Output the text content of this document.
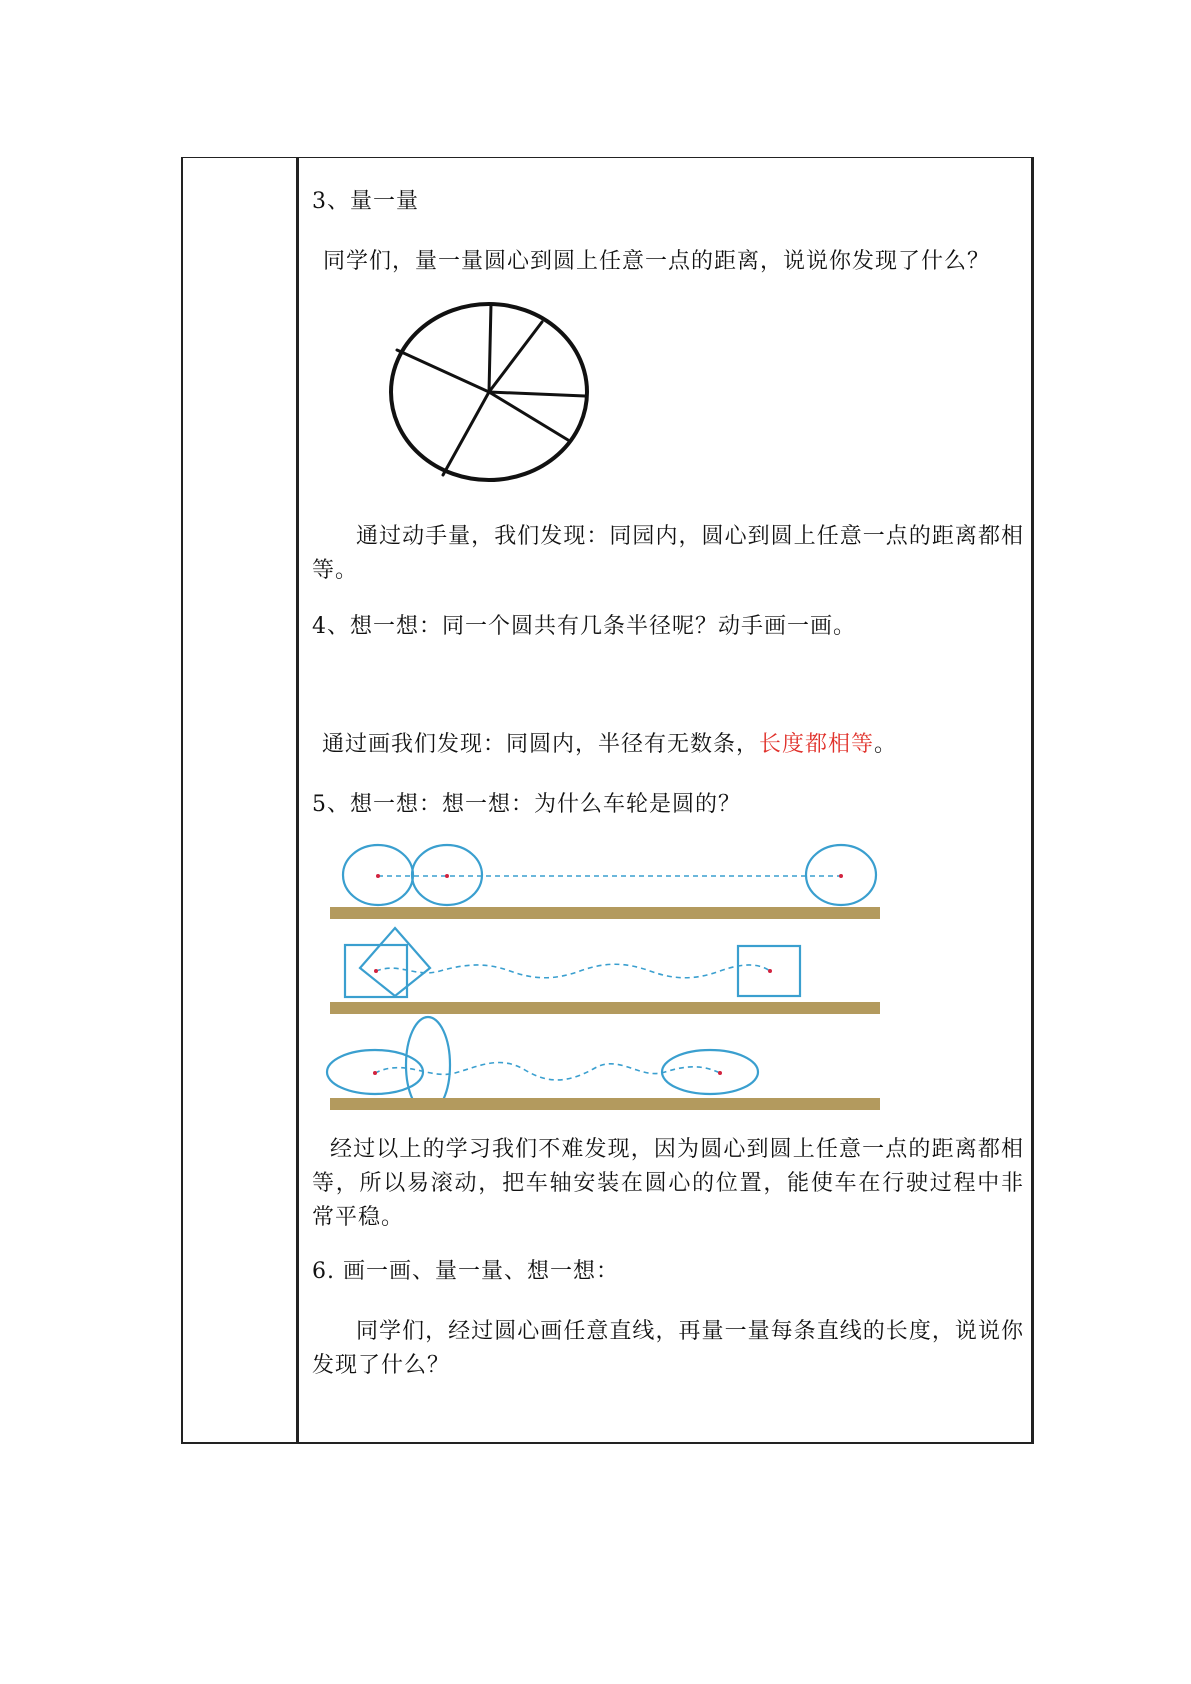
3、量一量
同学们，量一量圆心到圆上任意一点的距离，说说你发现了什么？
通过动手量，我们发现：同园内，圆心到圆上任意一点的距离都相等。
4、想一想：同一个圆共有几条半径呢？动手画一画。
通过画我们发现：同圆内，半径有无数条，长度都相等。
5、想一想：想一想：为什么车轮是圆的？
经过以上的学习我们不难发现，因为圆心到圆上任意一点的距离都相等，所以易滚动，把车轴安装在圆心的位置，能使车在行驶过程中非常平稳。
6. 画一画、量一量、想一想：
同学们，经过圆心画任意直线，再量一量每条直线的长度，说说你发现了什么？
